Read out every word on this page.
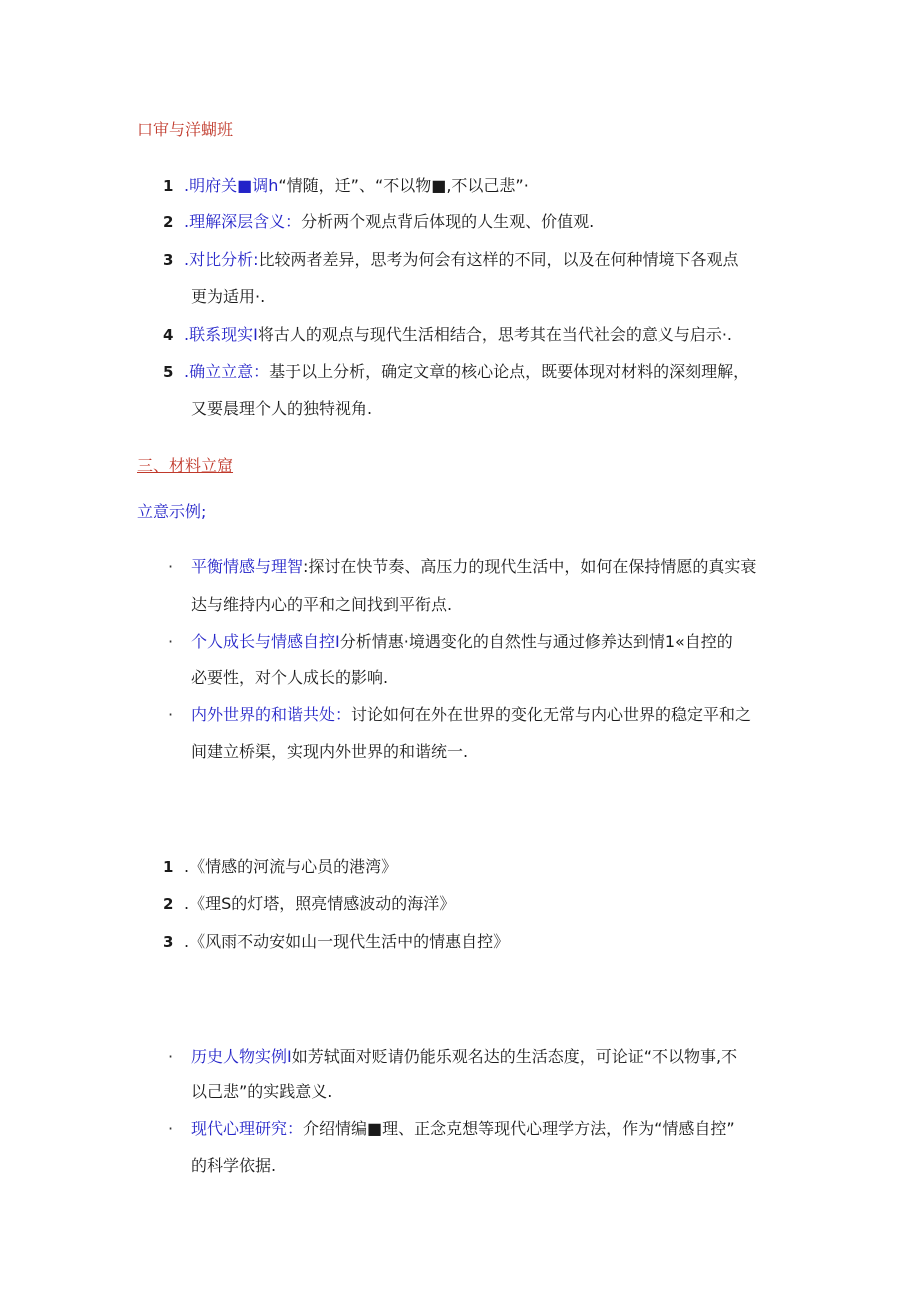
口审与洋蝴班
1 .明府关■调h“情随，迁”、“不以物■,不以己悲”·
2 .理解深层含义：分析两个观点背后体现的人生观、价值观.
3 .对比分析:比较两者差异，思考为何会有这样的不同，以及在何种情境下各观点
更为适用·.
4 .联系现实I将古人的观点与现代生活相结合，思考其在当代社会的意义与启示·.
5 .确立立意：基于以上分析，确定文章的核心论点，既要体现对材料的深刻理解，
又要晨理个人的独特视角.
三、材料立窟
立意示例;
· 平衡情感与理智:探讨在快节奏、高压力的现代生活中，如何在保持情愿的真实衰
达与维持内心的平和之间找到平衔点.
· 个人成长与情感自控I分析情惠·境遇变化的自然性与通过修养达到情1«自控的
必要性，对个人成长的影响.
· 内外世界的和谐共处：讨论如何在外在世界的变化无常与内心世界的稳定平和之
间建立桥渠，实现内外世界的和谐统一.
1 .《情感的河流与心员的港湾》
2 .《理S的灯塔，照亮情感波动的海洋》
3 .《风雨不动安如山一现代生活中的情惠自控》
· 历史人物实例I如芳轼面对贬请仍能乐观名达的生活态度，可论证“不以物事,不
以己悲”的实践意义.
· 现代心理研究：介绍情编■理、正念克想等现代心理学方法，作为“情感自控”
的科学依据.
